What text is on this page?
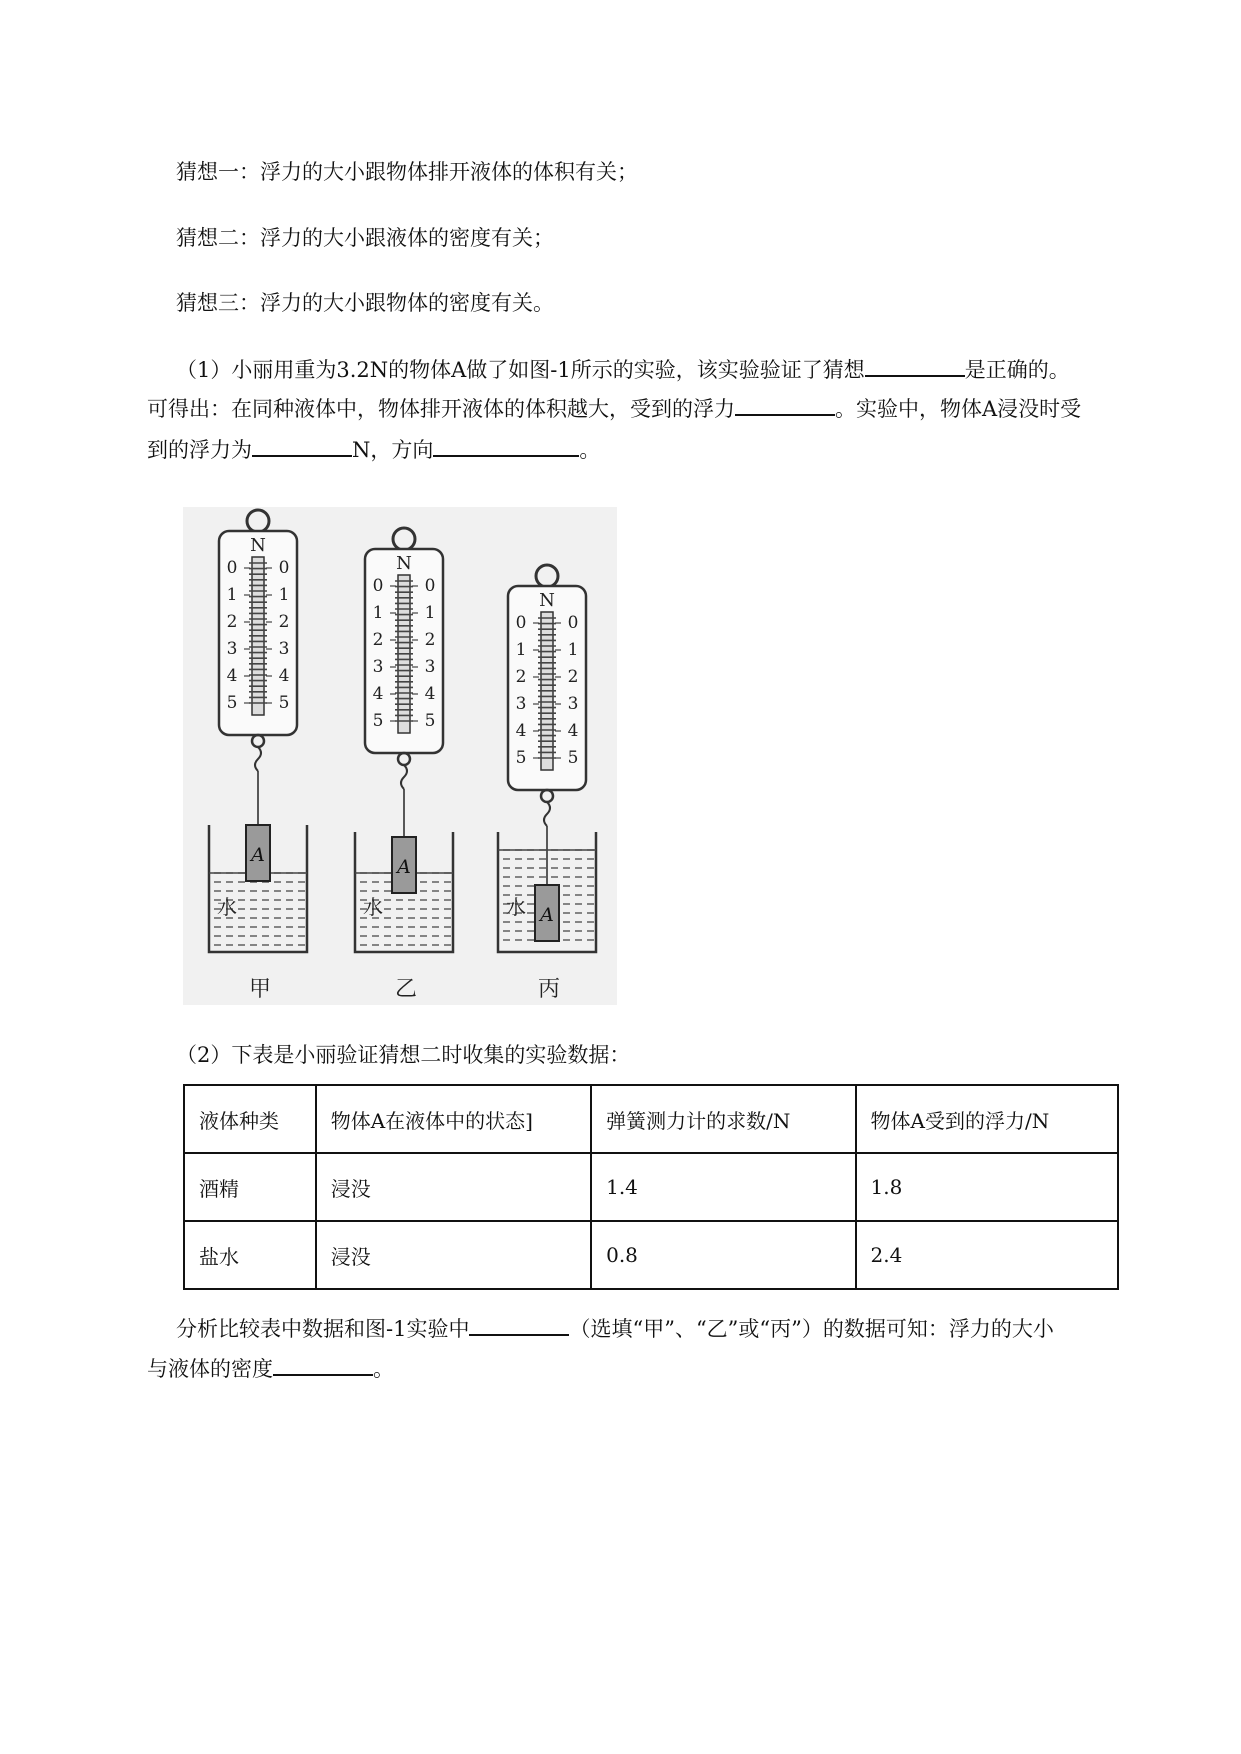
猜想一：浮力的大小跟物体排开液体的体积有关；
猜想二：浮力的大小跟液体的密度有关；
猜想三：浮力的大小跟物体的密度有关。
（1）小丽用重为3.2N的物体A做了如图-1所示的实验，该实验验证了猜想	是正确的。
可得出：在同种液体中，物体排开液体的体积越大，受到的浮力	。实验中，物体A浸没时受
到的浮力为	N，方向	。
N
0 0
1 1
2 2
3 3
4 4
5 5
A
水
甲
N
0 0
1 1
2 2
3 3
4 4
5 5
A
水
乙
N
0 0
1 1
2 2
3 3
4 4
5 5
A
水
丙
（2）下表是小丽验证猜想二时收集的实验数据：
液体种类	物体A在液体中的状态]	弹簧测力计的求数/N	物体A受到的浮力/N
酒精	浸没	1.4	1.8
盐水	浸没	0.8	2.4
分析比较表中数据和图-1实验中	（选填“甲”、“乙”或“丙”）的数据可知：浮力的大小
与液体的密度	。
